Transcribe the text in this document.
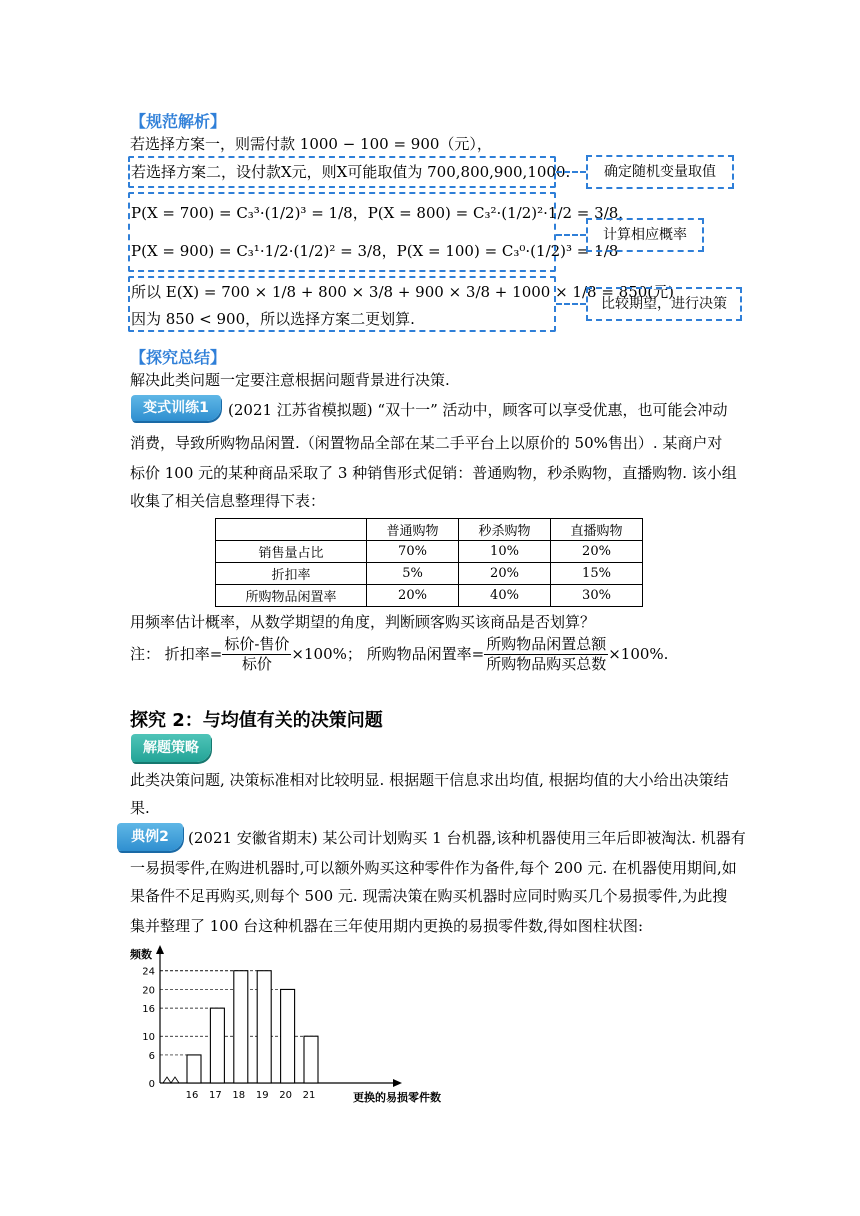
【规范解析】
若选择方案一，则需付款 1000 − 100 = 900（元），
若选择方案二，设付款X元，则X可能取值为 700,800,900,1000.	确定随机变量取值
P(X = 700) = C₃³·(1/2)³ = 1/8，P(X = 800) = C₃²·(1/2)²·1/2 = 3/8，
P(X = 900) = C₃¹·1/2·(1/2)² = 3/8，P(X = 100) = C₃⁰·(1/2)³ = 1/8
计算相应概率
所以 E(X) = 700 × 1/8 + 800 × 3/8 + 900 × 3/8 + 1000 × 1/8 = 850(元)
因为 850 < 900，所以选择方案二更划算.
比较期望，进行决策
【探究总结】
解决此类问题一定要注意根据问题背景进行决策.
变式训练1	(2021 江苏省模拟题) “双十一” 活动中，顾客可以享受优惠，也可能会冲动
消费，导致所购物品闲置.（闲置物品全部在某二手平台上以原价的 50%售出）. 某商户对
标价 100 元的某种商品采取了 3 种销售形式促销：普通购物，秒杀购物，直播购物. 该小组
收集了相关信息整理得下表：
	普通购物	秒杀购物	直播购物
销售量占比	70%	10%	20%
折扣率	5%	20%	15%
所购物品闲置率	20%	40%	30%
用频率估计概率，从数学期望的角度，判断顾客购买该商品是否划算？
注： 折扣率= $\frac{\text{标价-售价}}{\text{标价}} \times 100\%$； 所购物品闲置率= $\frac{\text{所购物品闲置总额}}{\text{所购物品购买总数}} \times 100\%$.
探究 2：与均值有关的决策问题
解题策略
此类决策问题, 决策标准相对比较明显. 根据题干信息求出均值, 根据均值的大小给出决策结
果.
典例2	(2021 安徽省期末) 某公司计划购买 1 台机器,该种机器使用三年后即被淘汰. 机器有
一易损零件,在购进机器时,可以额外购买这种零件作为备件,每个 200 元. 在机器使用期间,如
果备件不足再购买,则每个 500 元. 现需决策在购买机器时应同时购买几个易损零件,为此搜
集并整理了 100 台这种机器在三年使用期内更换的易损零件数,得如图柱状图:
频数
0
6
10
16
20
24
16 17 18 19 20 21	更换的易损零件数
